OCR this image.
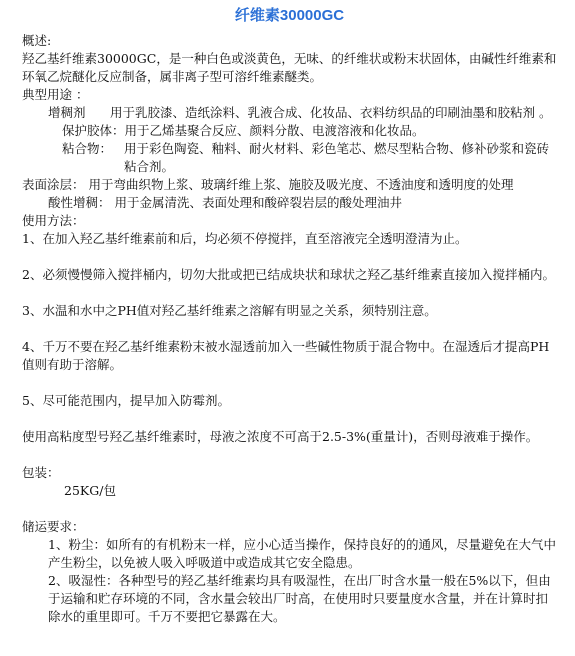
纤维素30000GC
概述:

羟乙基纤维素30000GC，是一种白色或淡黄色，无味、的纤维状或粉末状固体，由碱性纤维素和环氧乙烷醚化反应制备，属非离子型可溶纤维素醚类。

典型用途 ：
增稠剂	用于乳胶漆、造纸涂料、乳液合成、化妆品、衣料纺织品的印刷油墨和胶粘剂 。
保护胶体： 用于乙烯基聚合反应、颜料分散、电渡溶液和化妆品。
粘合物： 用于彩色陶瓷、釉料、耐火材料、彩色笔芯、燃尽型粘合物、修补砂浆和瓷砖粘合剂。

表面涂层： 用于弯曲织物上浆、玻璃纤维上浆、施胶及吸光度、不透油度和透明度的处理

酸性增稠： 用于金属清洗、表面处理和酸碎裂岩层的酸处理油井

使用方法：

1、在加入羟乙基纤维素前和后，均必须不停搅拌，直至溶液完全透明澄清为止。

2、必须慢慢筛入搅拌桶内，切勿大批或把已结成块状和球状之羟乙基纤维素直接加入搅拌桶内。

3、水温和水中之PH值对羟乙基纤维素之溶解有明显之关系，须特别注意。

4、千万不要在羟乙基纤维素粉末被水湿透前加入一些碱性物质于混合物中。在湿透后才提高PH值则有助于溶解。

5、尽可能范围内，提早加入防霉剂。

使用高粘度型号羟乙基纤维素时，母液之浓度不可高于2.5-3%(重量计)，否则母液难于操作。

包装：

25KG/包

储运要求：

1、粉尘：如所有的有机粉末一样，应小心适当操作，保持良好的的通风，尽量避免在大气中产生粉尘，以免被人吸入呼吸道中或造成其它安全隐患。

2、吸湿性：各种型号的羟乙基纤维素均具有吸湿性，在出厂时含水量一般在5%以下，但由于运输和贮存环境的不同，含水量会较出厂时高，在使用时只要量度水含量，并在计算时扣除水的重里即可。千万不要把它暴露在大。
